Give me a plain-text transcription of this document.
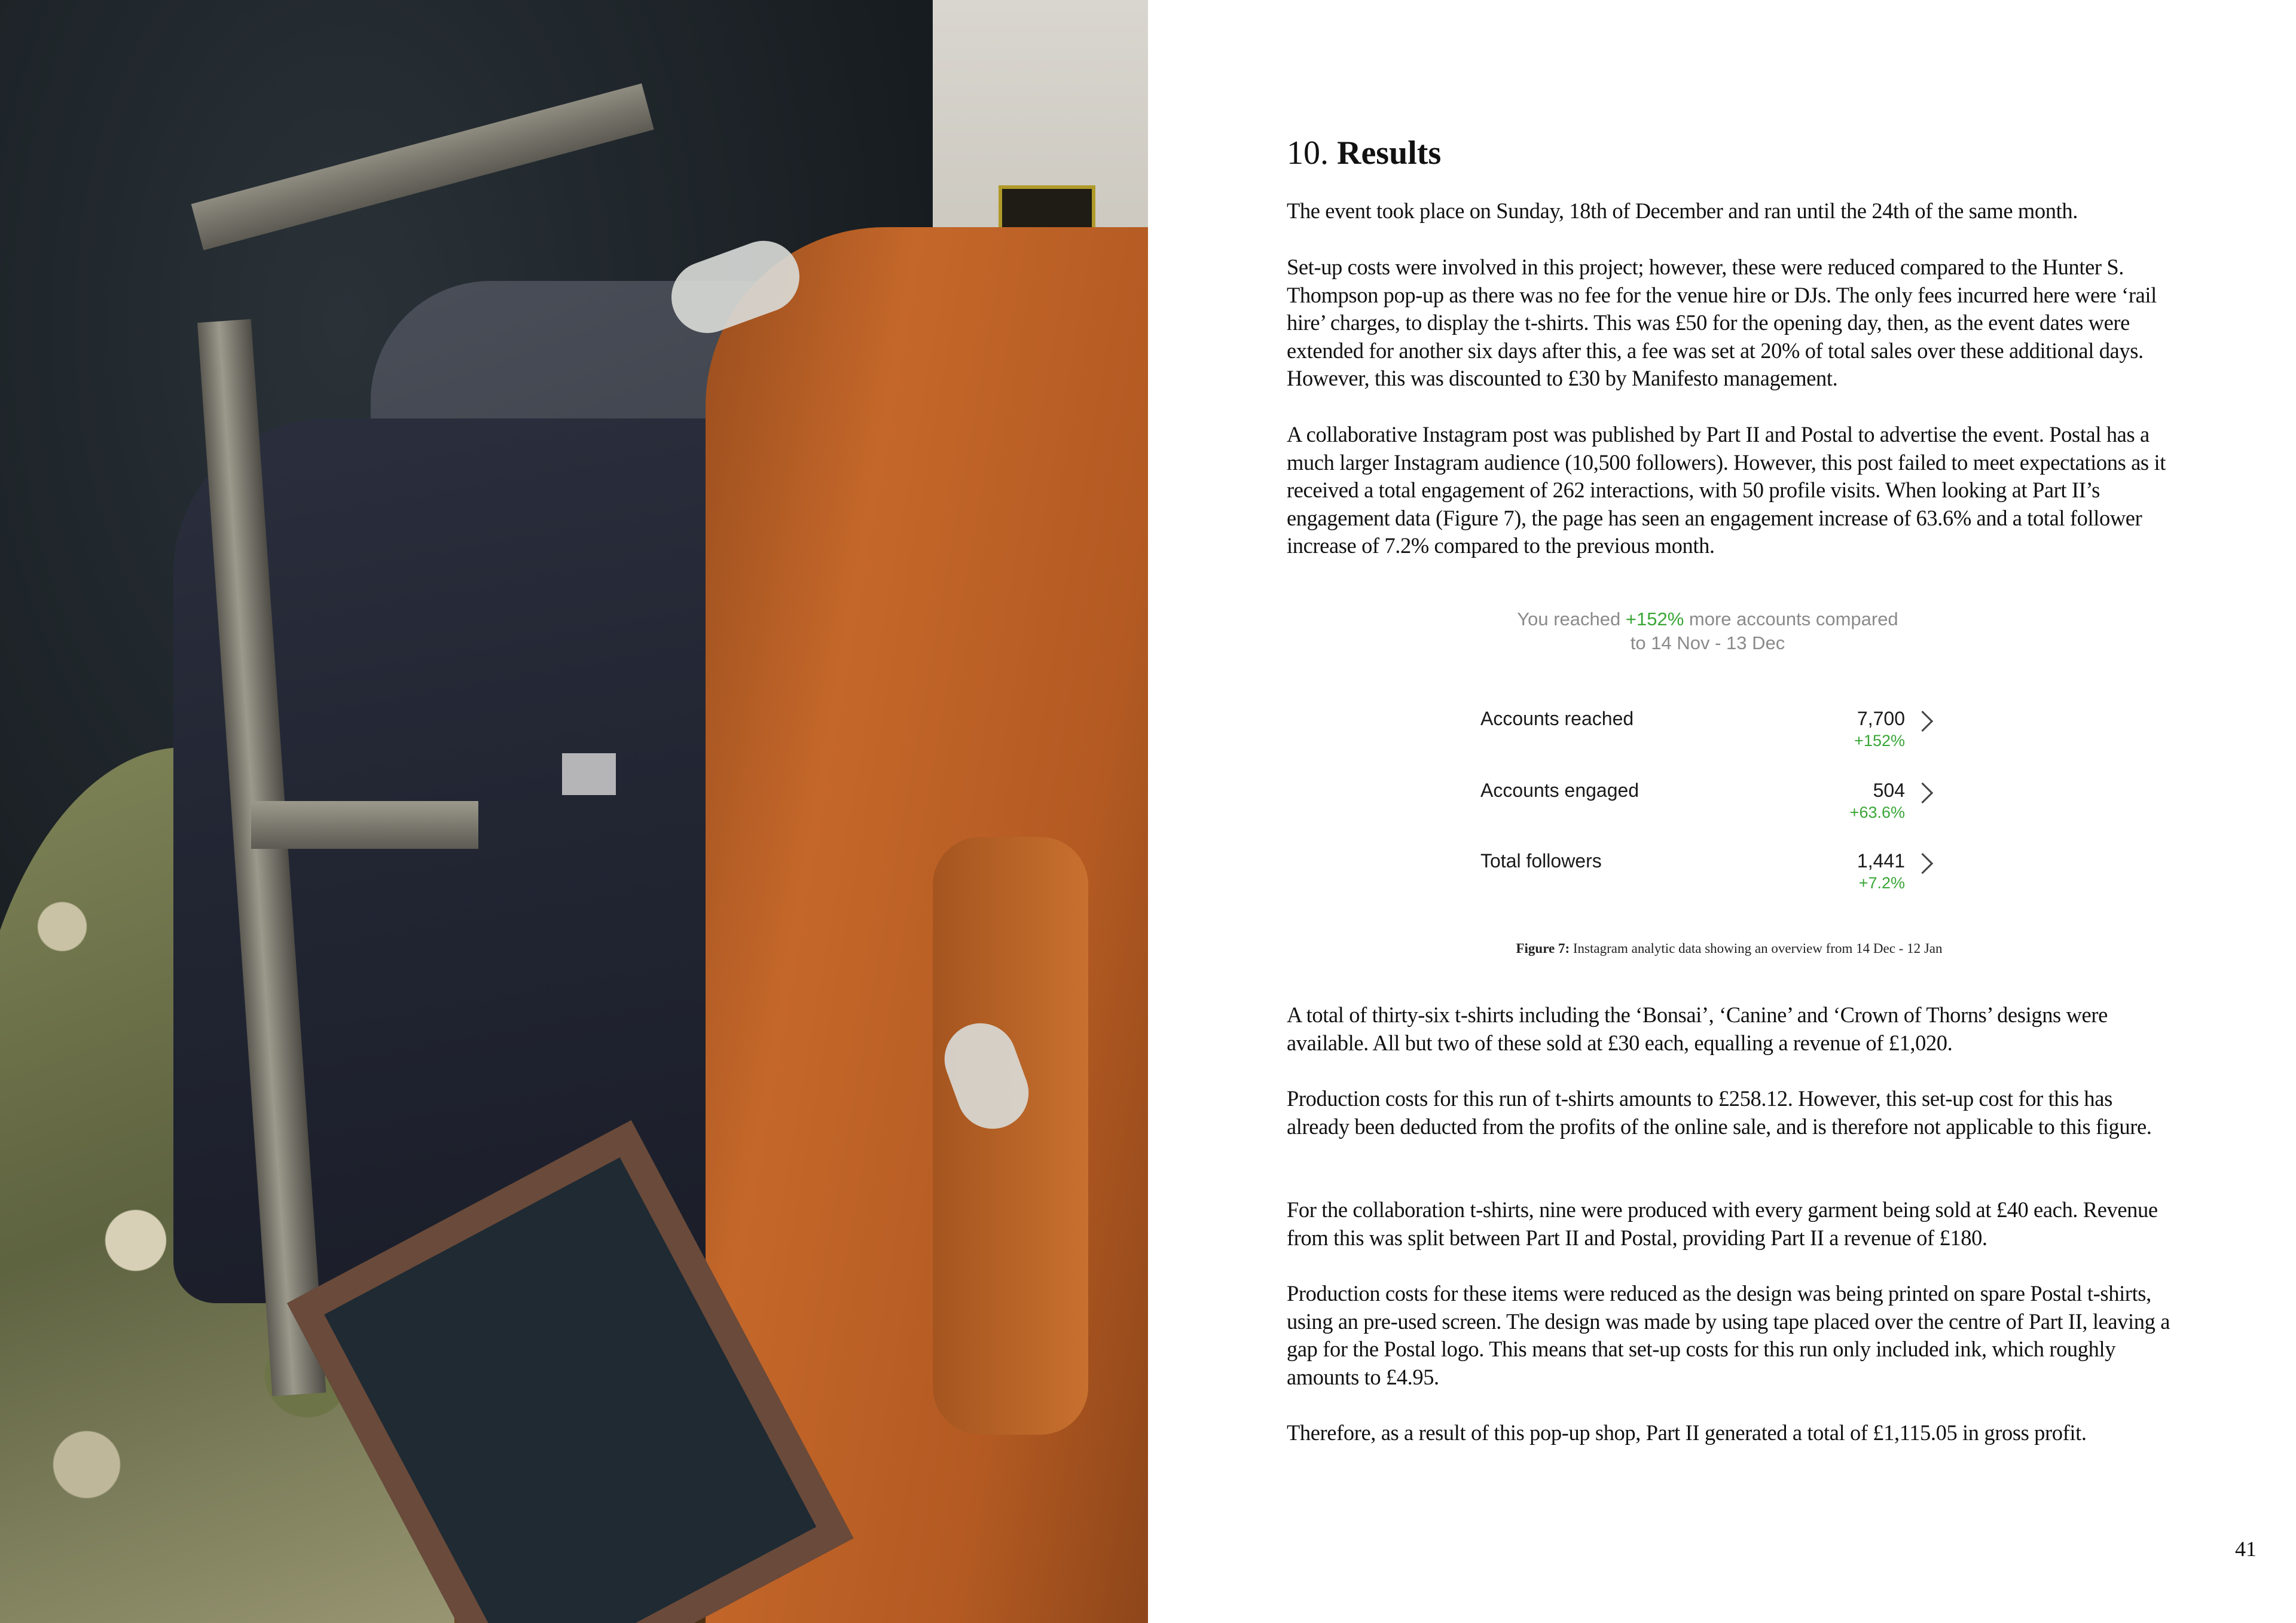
10. Results

The event took place on Sunday, 18th of December and ran until the 24th of the same month.

Set-up costs were involved in this project; however, these were reduced compared to the Hunter S. Thompson pop-up as there was no fee for the venue hire or DJs. The only fees incurred here were ‘rail hire’ charges, to display the t-shirts. This was £50 for the opening day, then, as the event dates were extended for another six days after this, a fee was set at 20% of total sales over these additional days. However, this was discounted to £30 by Manifesto management.

A collaborative Instagram post was published by Part II and Postal to advertise the event. Postal has a much larger Instagram audience (10,500 followers). However, this post failed to meet expectations as it received a total engagement of 262 interactions, with 50 profile visits. When looking at Part II’s engagement data (Figure 7), the page has seen an engagement increase of 63.6% and a total follower increase of 7.2% compared to the previous month.

You reached +152% more accounts compared
to 14 Nov - 13 Dec
Accounts reached	7,700
+152%
Accounts engaged	504
+63.6%
Total followers	1,441
+7.2%
Figure 7: Instagram analytic data showing an overview from 14 Dec - 12 Jan

A total of thirty-six t-shirts including the ‘Bonsai’, ‘Canine’ and ‘Crown of Thorns’ designs were available. All but two of these sold at £30 each, equalling a revenue of £1,020.

Production costs for this run of t-shirts amounts to £258.12. However, this set-up cost for this has already been deducted from the profits of the online sale, and is therefore not applicable to this figure.

For the collaboration t-shirts, nine were produced with every garment being sold at £40 each. Revenue from this was split between Part II and Postal, providing Part II a revenue of £180.

Production costs for these items were reduced as the design was being printed on spare Postal t-shirts, using an pre-used screen. The design was made by using tape placed over the centre of Part II, leaving a gap for the Postal logo. This means that set-up costs for this run only included ink, which roughly amounts to £4.95.

Therefore, as a result of this pop-up shop, Part II generated a total of £1,115.05 in gross profit.

41
